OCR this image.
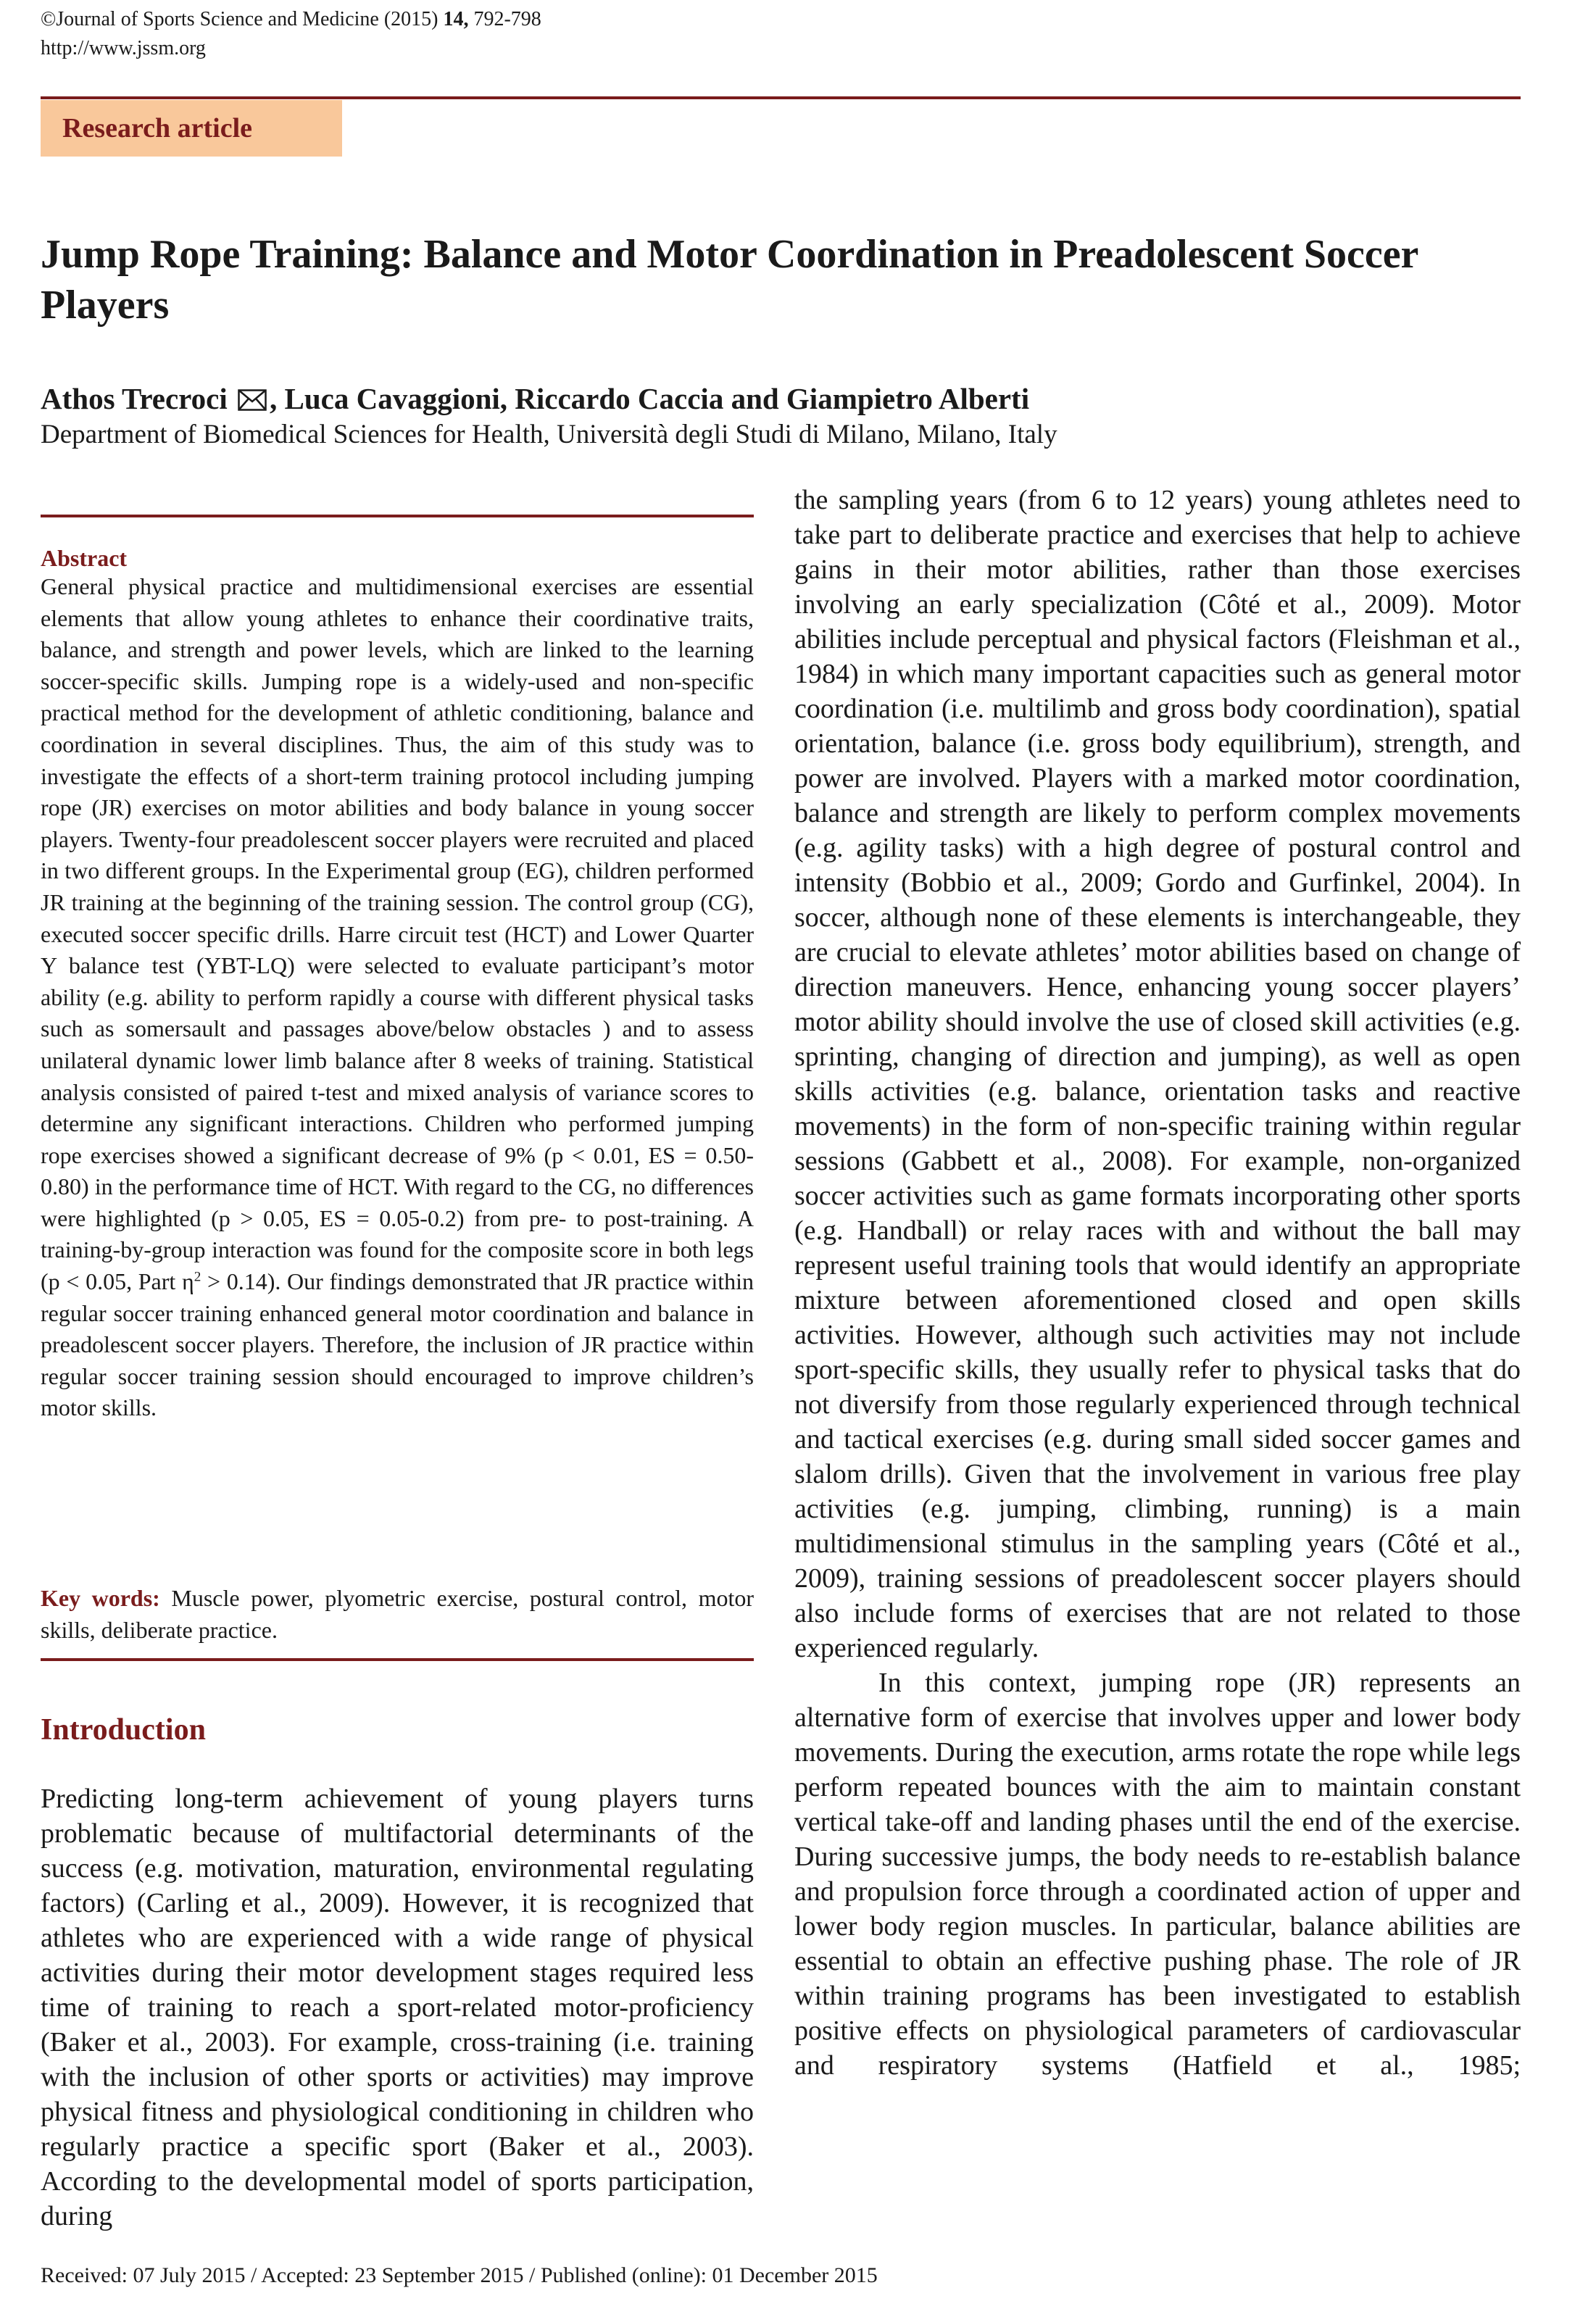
©Journal of Sports Science and Medicine (2015) 14, 792-798
http://www.jssm.org
Research article
Jump Rope Training: Balance and Motor Coordination in Preadolescent Soccer Players
Athos Trecroci , Luca Cavaggioni, Riccardo Caccia and Giampietro Alberti
Department of Biomedical Sciences for Health, Università degli Studi di Milano, Milano, Italy
Abstract
General physical practice and multidimensional exercises are essential elements that allow young athletes to enhance their coordinative traits, balance, and strength and power levels, which are linked to the learning soccer-specific skills. Jumping rope is a widely-used and non-specific practical method for the development of athletic conditioning, balance and coordination in several disciplines. Thus, the aim of this study was to investigate the effects of a short-term training protocol including jumping rope (JR) exercises on motor abilities and body balance in young soccer players. Twenty-four preadolescent soccer players were recruited and placed in two different groups. In the Experimental group (EG), children performed JR training at the beginning of the training session. The control group (CG), executed soccer specific drills. Harre circuit test (HCT) and Lower Quarter Y balance test (YBT-LQ) were selected to evaluate participant’s motor ability (e.g. ability to perform rapidly a course with different physical tasks such as somersault and passages above/below obstacles ) and to assess unilateral dynamic lower limb balance after 8 weeks of training. Statistical analysis consisted of paired t-test and mixed analysis of variance scores to determine any significant interactions. Children who performed jumping rope exercises showed a significant decrease of 9% (p < 0.01, ES = 0.50-0.80) in the performance time of HCT. With regard to the CG, no differences were highlighted (p > 0.05, ES = 0.05-0.2) from pre- to post-training. A training-by-group interaction was found for the composite score in both legs (p < 0.05, Part $\eta^2 > 0.14$). Our findings demonstrated that JR practice within regular soccer training enhanced general motor coordination and balance in preadolescent soccer players. Therefore, the inclusion of JR practice within regular soccer training session should encouraged to improve children’s motor skills.
Key words: Muscle power, plyometric exercise, postural control, motor skills, deliberate practice.
Introduction
Predicting long-term achievement of young players turns problematic because of multifactorial determinants of the success (e.g. motivation, maturation, environmental regulating factors) (Carling et al., 2009). However, it is recognized that athletes who are experienced with a wide range of physical activities during their motor development stages required less time of training to reach a sport-related motor-proficiency (Baker et al., 2003). For example, cross-training (i.e. training with the inclusion of other sports or activities) may improve physical fitness and physiological conditioning in children who regularly practice a specific sport (Baker et al., 2003). According to the developmental model of sports participation, during

the sampling years (from 6 to 12 years) young athletes need to take part to deliberate practice and exercises that help to achieve gains in their motor abilities, rather than those exercises involving an early specialization (Côté et al., 2009). Motor abilities include perceptual and physical factors (Fleishman et al., 1984) in which many important capacities such as general motor coordination (i.e. multilimb and gross body coordination), spatial orientation, balance (i.e. gross body equilibrium), strength, and power are involved. Players with a marked motor coordination, balance and strength are likely to perform complex movements (e.g. agility tasks) with a high degree of postural control and intensity (Bobbio et al., 2009; Gordo and Gurfinkel, 2004). In soccer, although none of these elements is interchangeable, they are crucial to elevate athletes’ motor abilities based on change of direction maneuvers. Hence, enhancing young soccer players’ motor ability should involve the use of closed skill activities (e.g. sprinting, changing of direction and jumping), as well as open skills activities (e.g. balance, orientation tasks and reactive movements) in the form of non-specific training within regular sessions (Gabbett et al., 2008). For example, non-organized soccer activities such as game formats incorporating other sports (e.g. Handball) or relay races with and without the ball may represent useful training tools that would identify an appropriate mixture between aforementioned closed and open skills activities. However, although such activities may not include sport-specific skills, they usually refer to physical tasks that do not diversify from those regularly experienced through technical and tactical exercises (e.g. during small sided soccer games and slalom drills). Given that the involvement in various free play activities (e.g. jumping, climbing, running) is a main multidimensional stimulus in the sampling years (Côté et al., 2009), training sessions of preadolescent soccer players should also include forms of exercises that are not related to those experienced regularly.

In this context, jumping rope (JR) represents an alternative form of exercise that involves upper and lower body movements. During the execution, arms rotate the rope while legs perform repeated bounces with the aim to maintain constant vertical take-off and landing phases until the end of the exercise. During successive jumps, the body needs to re-establish balance and propulsion force through a coordinated action of upper and lower body region muscles. In particular, balance abilities are essential to obtain an effective pushing phase. The role of JR within training programs has been investigated to establish positive effects on physiological parameters of cardiovascular and respiratory systems (Hatfield et al., 1985;

Received: 07 July 2015 / Accepted: 23 September 2015 / Published (online): 01 December 2015
